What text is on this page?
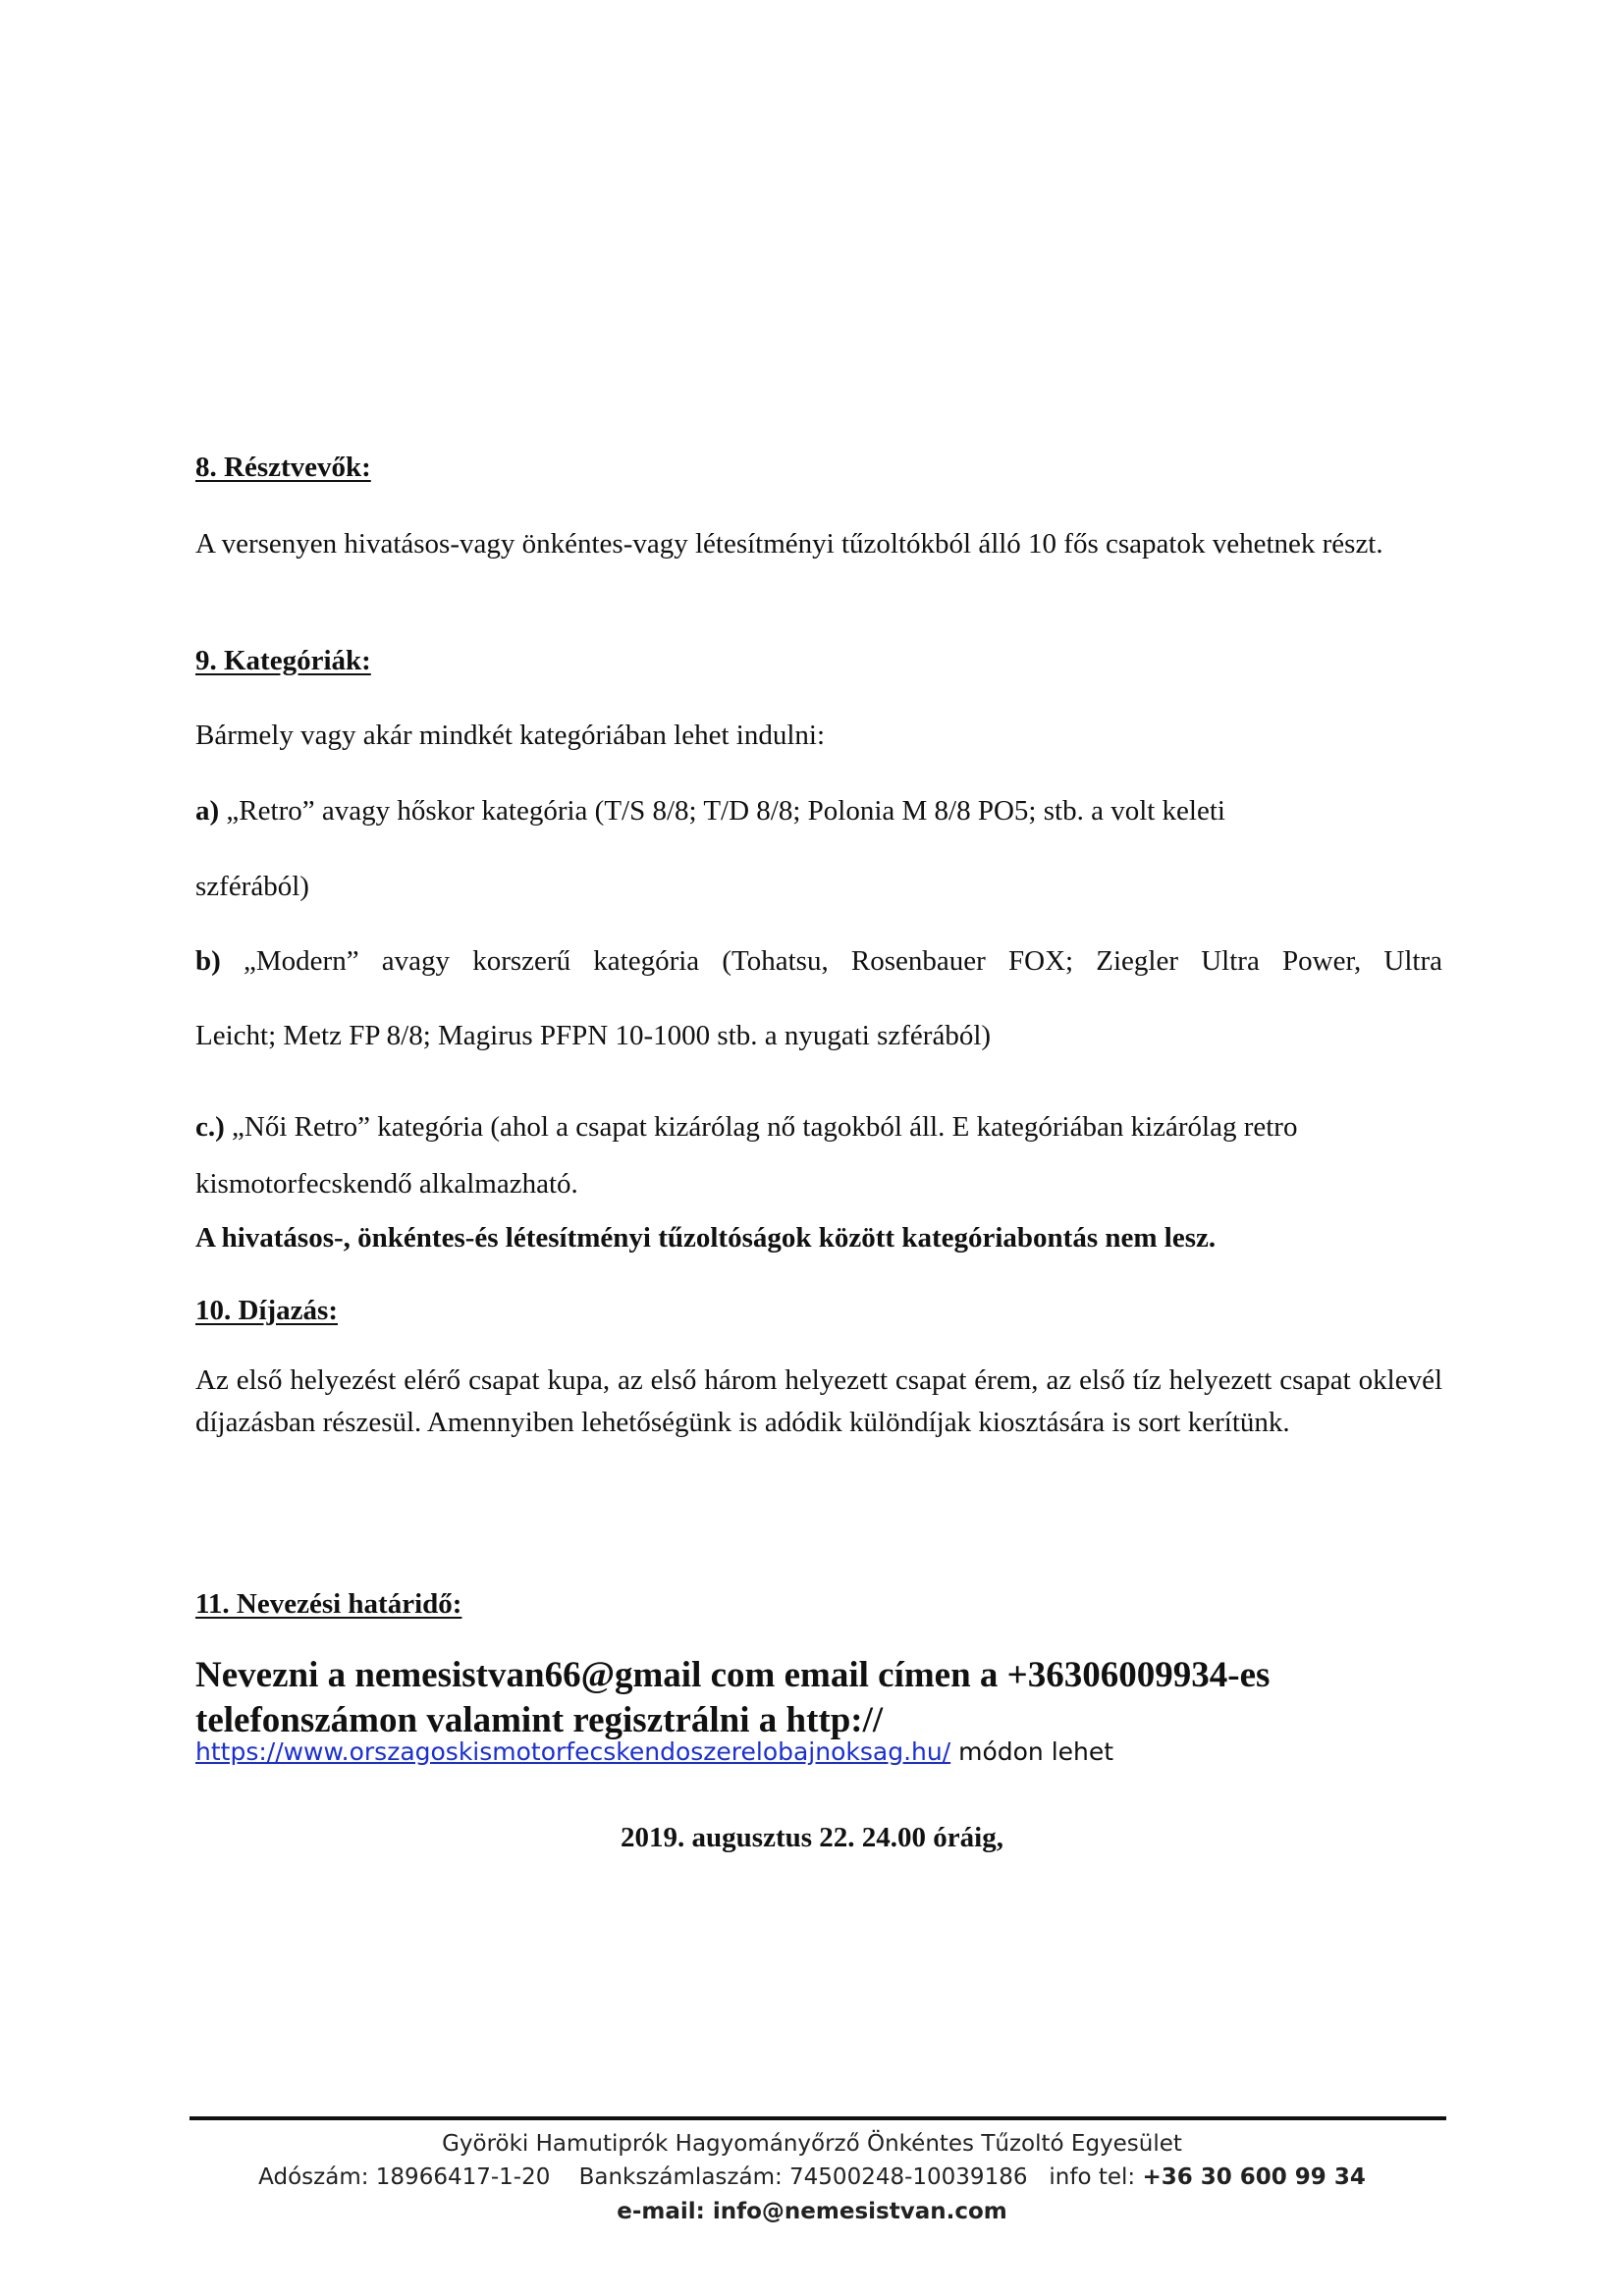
8. Résztvevők:
A versenyen hivatásos-vagy önkéntes-vagy létesítményi tűzoltókból álló 10 fős csapatok vehetnek részt.
9. Kategóriák:
Bármely vagy akár mindkét kategóriában lehet indulni:
a) „Retro” avagy hőskor kategória (T/S 8/8; T/D 8/8; Polonia M 8/8 PO5; stb. a volt keleti
szférából)
b) „Modern” avagy korszerű kategória (Tohatsu, Rosenbauer FOX; Ziegler Ultra Power, Ultra
Leicht; Metz FP 8/8; Magirus PFPN 10-1000 stb. a nyugati szférából)
c.) „Női Retro” kategória (ahol a csapat kizárólag nő tagokból áll. E kategóriában kizárólag retro
kismotorfecskendő alkalmazható.
A hivatásos-, önkéntes-és létesítményi tűzoltóságok között kategóriabontás nem lesz.
10. Díjazás:
Az első helyezést elérő csapat kupa, az első három helyezett csapat érem, az első tíz helyezett csapat oklevél díjazásban részesül. Amennyiben lehetőségünk is adódik különdíjak kiosztására is sort kerítünk.
11. Nevezési határidő:
Nevezni a nemesistvan66@gmail com email címen a +36306009934-es
telefonszámon valamint regisztrálni a http://
https://www.orszagoskismotorfecskendoszerelobajnoksag.hu/ módon lehet
2019. augusztus 22. 24.00 óráig,
Györöki Hamutiprók Hagyományőrző Önkéntes Tűzoltó Egyesület
Adószám: 18966417-1-20 Bankszámlaszám: 74500248-10039186 info tel: +36 30 600 99 34
e-mail: info@nemesistvan.com
